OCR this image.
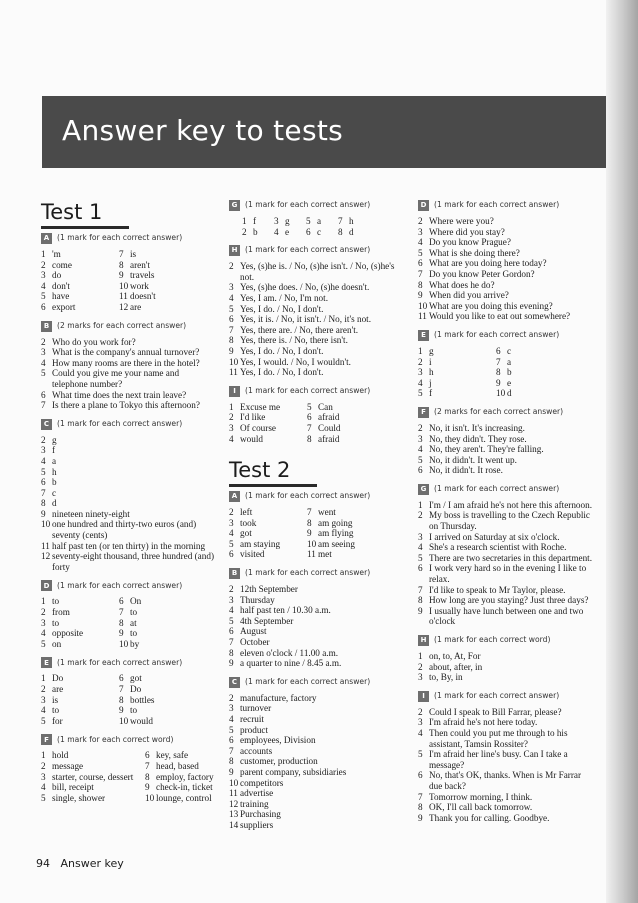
Answer key to tests
Test 1
A	(1 mark for each correct answer)
1 'm
2 come
3 do
4 don't
5 have
6 export
7 is
8 aren't
9 travels
10 work
11 doesn't
12 are
B	(2 marks for each correct answer)
2 Who do you work for?
3 What is the company's annual turnover?
4 How many rooms are there in the hotel?
5 Could you give me your name and telephone number?
6 What time does the next train leave?
7 Is there a plane to Tokyo this afternoon?
C	(1 mark for each correct answer)
2 g
3 f
4 a
5 h
6 b
7 c
8 d
9 nineteen ninety-eight
10 one hundred and thirty-two euros (and) seventy (cents)
11 half past ten (or ten thirty) in the morning
12 seventy-eight thousand, three hundred (and) forty
D (1 mark for each correct answer)
1 to
2 from
3 to
4 opposite
5 on
6 On
7 to
8 at
9 to
10 by
E	(1 mark for each correct answer)
1 Do
2 are
3 is
4 to
5 for
6 got
7 Do
8 bottles
9 to
10 would
F	(1 mark for each correct word)
1 hold
2 message
3 starter, course, dessert
4 bill, receipt
5 single, shower
6 key, safe
7 head, based
8 employ, factory
9 check-in, ticket
10 lounge, control
G	(1 mark for each correct answer)
1 f
2 b
3 g
4 e
5 a
6 c
7 h
8 d
H (1 mark for each correct answer)
2 Yes, (s)he is. / No, (s)he isn't. / No, (s)he's not.
3 Yes, (s)he does. / No, (s)he doesn't.
4 Yes, I am. / No, I'm not.
5 Yes, I do. / No, I don't.
6 Yes, it is. / No, it isn't. / No, it's not.
7 Yes, there are. / No, there aren't.
8 Yes, there is. / No, there isn't.
9 Yes, I do. / No, I don't.
10 Yes, I would. / No, I wouldn't.
11 Yes, I do. / No, I don't.
I	(1 mark for each correct answer)
1 Excuse me
2 I'd like
3 Of course
4 would
5 Can
6 afraid
7 Could
8 afraid
Test 2
A	(1 mark for each correct answer)
2 left
3 took
4 got
5 am staying
6 visited
7 went
8 am going
9 am flying
10 am seeing
11 met
B	(1 mark for each correct answer)
2 12th September
3 Thursday
4 half past ten / 10.30 a.m.
5 4th September
6 August
7 October
8 eleven o'clock / 11.00 a.m.
9 a quarter to nine / 8.45 a.m.
C	(1 mark for each correct answer)
2 manufacture, factory
3 turnover
4 recruit
5 product
6 employees, Division
7 accounts
8 customer, production
9 parent company, subsidiaries
10 competitors
11 advertise
12 training
13 Purchasing
14 suppliers
D (1 mark for each correct answer)
2 Where were you?
3 Where did you stay?
4 Do you know Prague?
5 What is she doing there?
6 What are you doing here today?
7 Do you know Peter Gordon?
8 What does he do?
9 When did you arrive?
10 What are you doing this evening?
11 Would you like to eat out somewhere?
E	(1 mark for each correct answer)
1 g
2 i
3 h
4 j
5 f
6 c
7 a
8 b
9 e
10 d
F	(2 marks for each correct answer)
2 No, it isn't. It's increasing.
3 No, they didn't. They rose.
4 No, they aren't. They're falling.
5 No, it didn't. It went up.
6 No, it didn't. It rose.
G	(1 mark for each correct answer)
1 I'm / I am afraid he's not here this afternoon.
2 My boss is travelling to the Czech Republic on Thursday.
3 I arrived on Saturday at six o'clock.
4 She's a research scientist with Roche.
5 There are two secretaries in this department.
6 I work very hard so in the evening I like to relax.
7 I'd like to speak to Mr Taylor, please.
8 How long are you staying? Just three days?
9 I usually have lunch between one and two o'clock
H (1 mark for each correct word)
1 on, to, At, For
2 about, after, in
3 to, By, in
I	(1 mark for each correct answer)
2 Could I speak to Bill Farrar, please?
3 I'm afraid he's not here today.
4 Then could you put me through to his assistant, Tamsin Rossiter?
5 I'm afraid her line's busy. Can I take a message?
6 No, that's OK, thanks. When is Mr Farrar due back?
7 Tomorrow morning, I think.
8 OK, I'll call back tomorrow.
9 Thank you for calling. Goodbye.
94 Answer key
